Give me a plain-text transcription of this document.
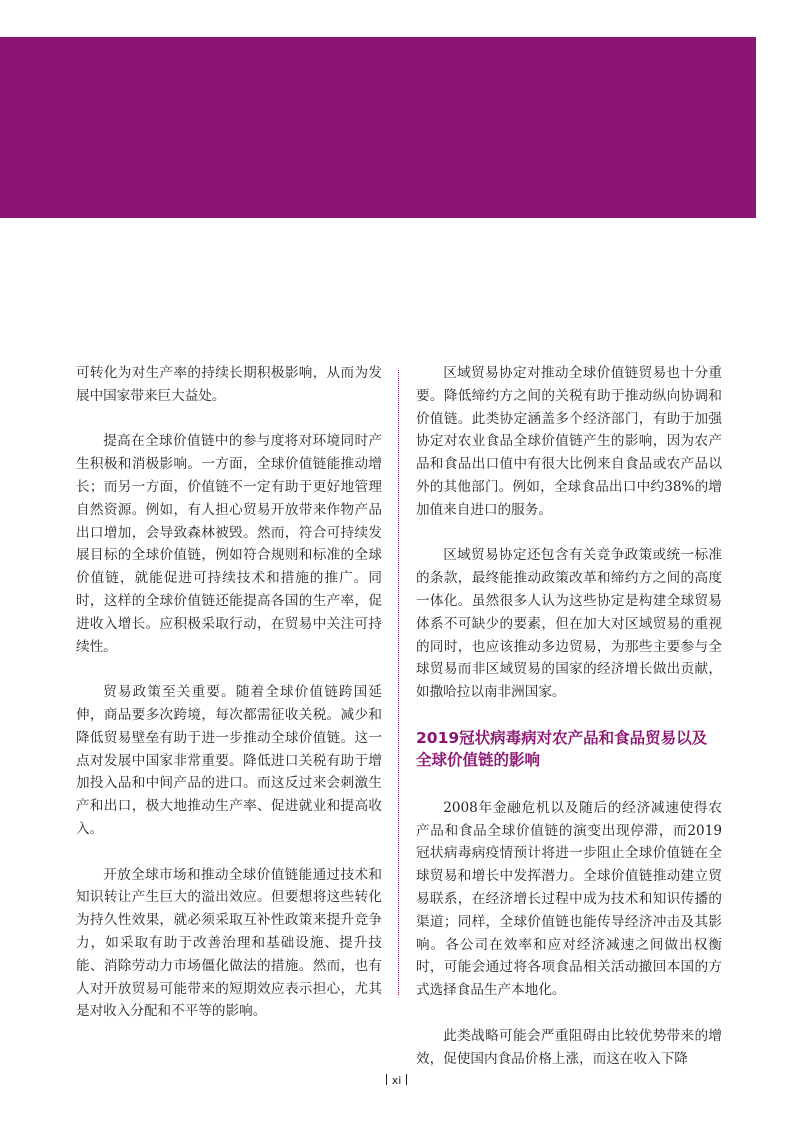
可转化为对生产率的持续长期积极影响，从而为发展中国家带来巨大益处。

提高在全球价值链中的参与度将对环境同时产生积极和消极影响。一方面，全球价值链能推动增长；而另一方面，价值链不一定有助于更好地管理自然资源。例如，有人担心贸易开放带来作物产品出口增加，会导致森林被毁。然而，符合可持续发展目标的全球价值链，例如符合规则和标准的全球价值链，就能促进可持续技术和措施的推广。同时，这样的全球价值链还能提高各国的生产率，促进收入增长。应积极采取行动，在贸易中关注可持续性。

贸易政策至关重要。随着全球价值链跨国延伸，商品要多次跨境，每次都需征收关税。减少和降低贸易壁垒有助于进一步推动全球价值链。这一点对发展中国家非常重要。降低进口关税有助于增加投入品和中间产品的进口。而这反过来会刺激生产和出口，极大地推动生产率、促进就业和提高收入。

开放全球市场和推动全球价值链能通过技术和知识转让产生巨大的溢出效应。但要想将这些转化为持久性效果，就必须采取互补性政策来提升竞争力，如采取有助于改善治理和基础设施、提升技能、消除劳动力市场僵化做法的措施。然而，也有人对开放贸易可能带来的短期效应表示担心，尤其是对收入分配和不平等的影响。

区域贸易协定对推动全球价值链贸易也十分重要。降低缔约方之间的关税有助于推动纵向协调和价值链。此类协定涵盖多个经济部门，有助于加强协定对农业食品全球价值链产生的影响，因为农产品和食品出口值中有很大比例来自食品或农产品以外的其他部门。例如，全球食品出口中约38%的增加值来自进口的服务。

区域贸易协定还包含有关竞争政策或统一标准的条款，最终能推动政策改革和缔约方之间的高度一体化。虽然很多人认为这些协定是构建全球贸易体系不可缺少的要素，但在加大对区域贸易的重视的同时，也应该推动多边贸易，为那些主要参与全球贸易而非区域贸易的国家的经济增长做出贡献，如撒哈拉以南非洲国家。

2019冠状病毒病对农产品和食品贸易以及全球价值链的影响

2008年金融危机以及随后的经济减速使得农产品和食品全球价值链的演变出现停滞，而2019冠状病毒病疫情预计将进一步阻止全球价值链在全球贸易和增长中发挥潜力。全球价值链推动建立贸易联系，在经济增长过程中成为技术和知识传播的渠道；同样，全球价值链也能传导经济冲击及其影响。各公司在效率和应对经济减速之间做出权衡时，可能会通过将各项食品相关活动撤回本国的方式选择食品生产本地化。

此类战略可能会严重阻碍由比较优势带来的增效，促使国内食品价格上涨，而这在收入下降

xi
